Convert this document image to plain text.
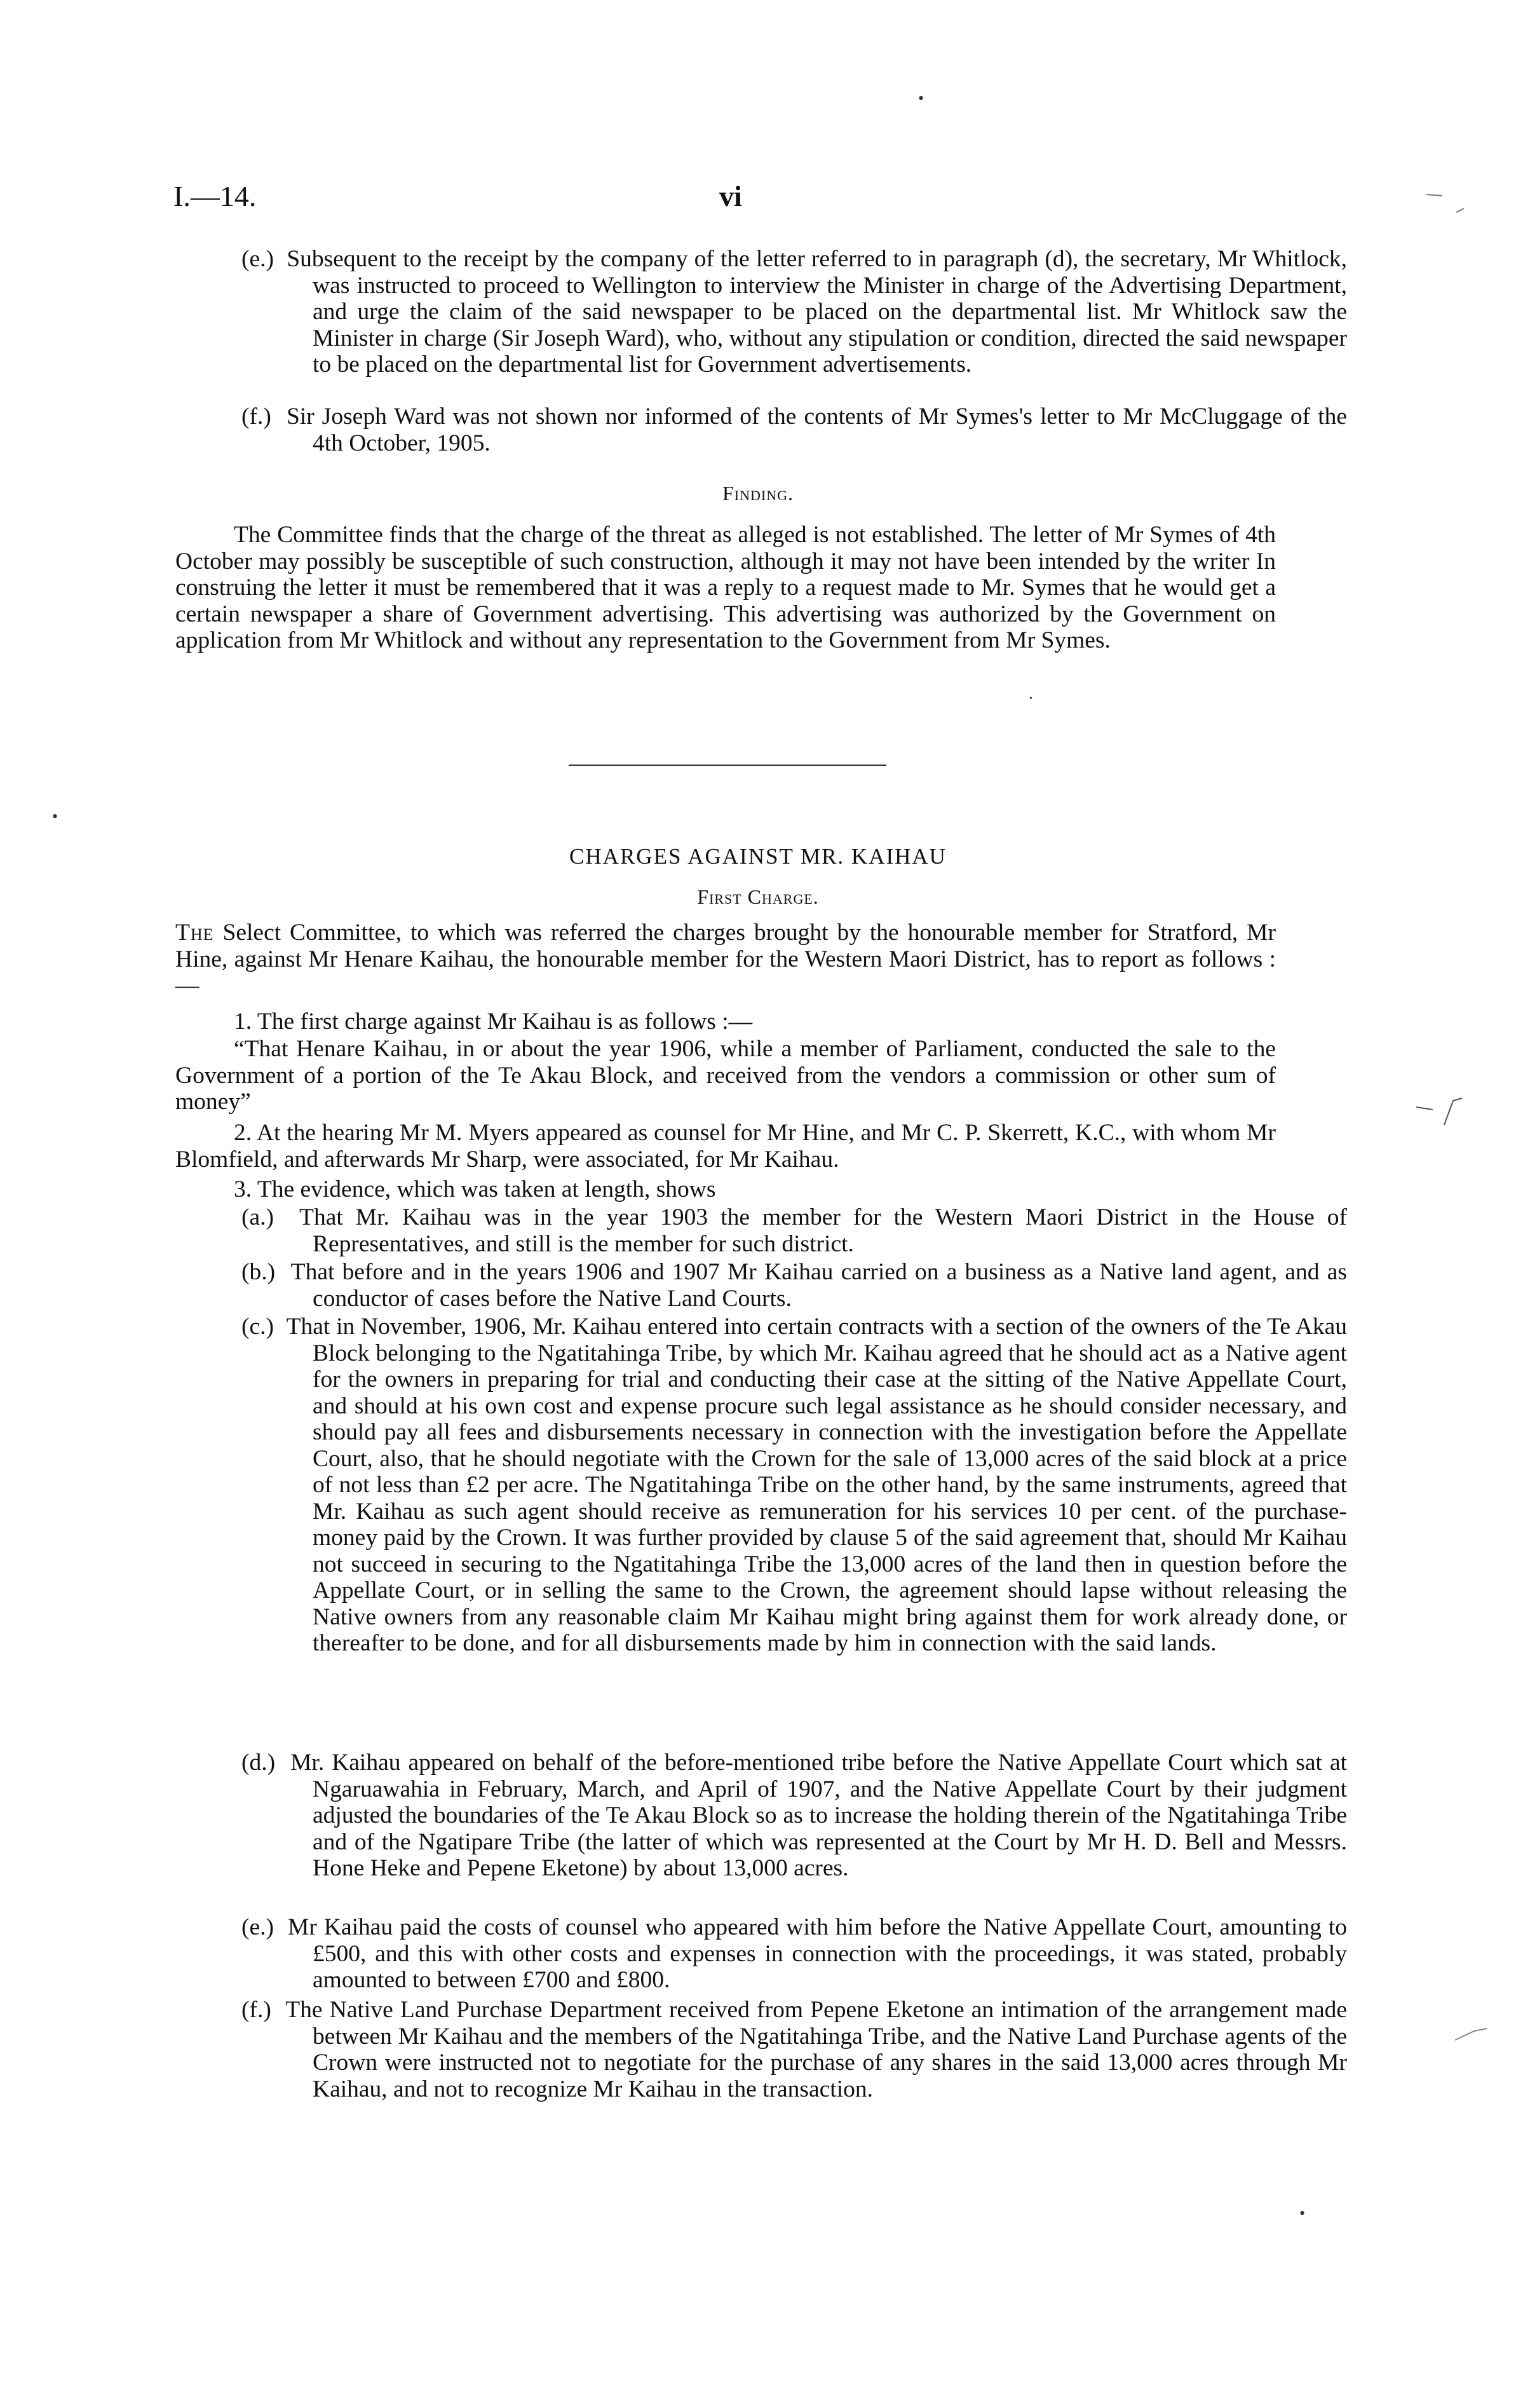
I.—14.	vi
•
•
•
•

(e.) Subsequent to the receipt by the company of the letter referred to in paragraph (d), the secretary, Mr Whitlock, was instructed to proceed to Wellington to interview the Minister in charge of the Advertising Department, and urge the claim of the said newspaper to be placed on the departmental list. Mr Whitlock saw the Minister in charge (Sir Joseph Ward), who, without any stipulation or condition, directed the said newspaper to be placed on the departmental list for Government advertisements.

(f.) Sir Joseph Ward was not shown nor informed of the contents of Mr Symes's letter to Mr McCluggage of the 4th October, 1905.

Finding.

The Committee finds that the charge of the threat as alleged is not established. The letter of Mr Symes of 4th October may possibly be susceptible of such construction, although it may not have been intended by the writer In construing the letter it must be remembered that it was a reply to a request made to Mr. Symes that he would get a certain newspaper a share of Government advertising. This advertising was authorized by the Government on application from Mr Whitlock and without any representation to the Government from Mr Symes.

CHARGES AGAINST MR. KAIHAU
First Charge.

The Select Committee, to which was referred the charges brought by the honourable member for Stratford, Mr Hine, against Mr Henare Kaihau, the honourable member for the Western Maori District, has to report as follows :—

1. The first charge against Mr Kaihau is as follows :—

“That Henare Kaihau, in or about the year 1906, while a member of Parliament, conducted the sale to the Government of a portion of the Te Akau Block, and received from the vendors a commission or other sum of money”

2. At the hearing Mr M. Myers appeared as counsel for Mr Hine, and Mr C. P. Skerrett, K.C., with whom Mr Blomfield, and afterwards Mr Sharp, were associated, for Mr Kaihau.

3. The evidence, which was taken at length, shows

(a.) That Mr. Kaihau was in the year 1903 the member for the Western Maori District in the House of Representatives, and still is the member for such district.

(b.) That before and in the years 1906 and 1907 Mr Kaihau carried on a business as a Native land agent, and as conductor of cases before the Native Land Courts.

(c.) That in November, 1906, Mr. Kaihau entered into certain contracts with a section of the owners of the Te Akau Block belonging to the Ngatitahinga Tribe, by which Mr. Kaihau agreed that he should act as a Native agent for the owners in preparing for trial and conducting their case at the sitting of the Native Appellate Court, and should at his own cost and expense procure such legal assistance as he should consider necessary, and should pay all fees and disbursements necessary in connection with the investigation before the Appellate Court, also, that he should negotiate with the Crown for the sale of 13,000 acres of the said block at a price of not less than £2 per acre. The Ngatitahinga Tribe on the other hand, by the same instruments, agreed that Mr. Kaihau as such agent should receive as remuneration for his services 10 per cent. of the purchase-money paid by the Crown. It was further provided by clause 5 of the said agreement that, should Mr Kaihau not succeed in securing to the Ngatitahinga Tribe the 13,000 acres of the land then in question before the Appellate Court, or in selling the same to the Crown, the agreement should lapse without releasing the Native owners from any reasonable claim Mr Kaihau might bring against them for work already done, or thereafter to be done, and for all disbursements made by him in connection with the said lands.

(d.) Mr. Kaihau appeared on behalf of the before-mentioned tribe before the Native Appellate Court which sat at Ngaruawahia in February, March, and April of 1907, and the Native Appellate Court by their judgment adjusted the boundaries of the Te Akau Block so as to increase the holding therein of the Ngatitahinga Tribe and of the Ngatipare Tribe (the latter of which was represented at the Court by Mr H. D. Bell and Messrs. Hone Heke and Pepene Eketone) by about 13,000 acres.

(e.) Mr Kaihau paid the costs of counsel who appeared with him before the Native Appellate Court, amounting to £500, and this with other costs and expenses in connection with the proceedings, it was stated, probably amounted to between £700 and £800.

(f.) The Native Land Purchase Department received from Pepene Eketone an intimation of the arrangement made between Mr Kaihau and the members of the Ngatitahinga Tribe, and the Native Land Purchase agents of the Crown were instructed not to negotiate for the purchase of any shares in the said 13,000 acres through Mr Kaihau, and not to recognize Mr Kaihau in the transaction.
